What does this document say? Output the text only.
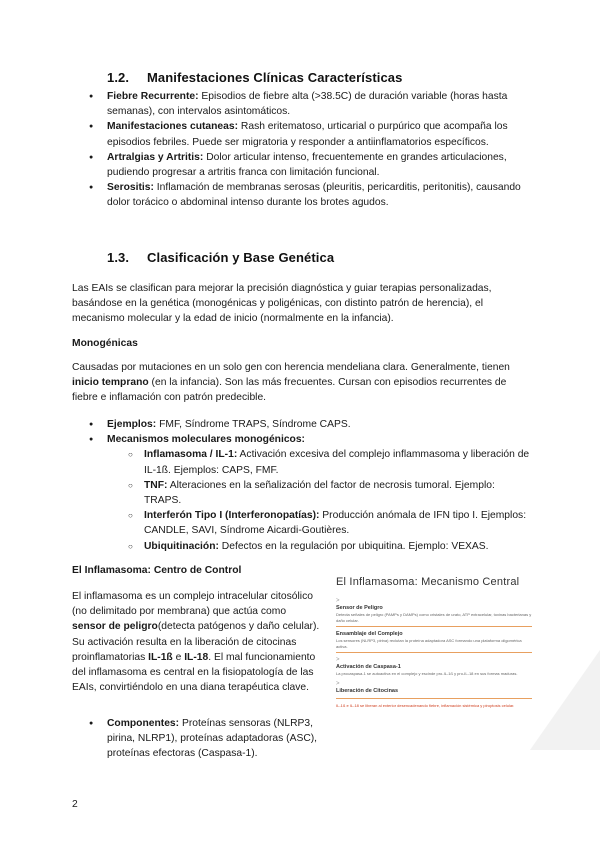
1.2. Manifestaciones Clínicas Características
● Fiebre Recurrente: Episodios de fiebre alta (>38.5C) de duración variable (horas hasta semanas), con intervalos asintomáticos.
● Manifestaciones cutaneas: Rash eritematoso, urticarial o purpúrico que acompaña los episodios febriles. Puede ser migratoria y responder a antiinflamatorios específicos.
● Artralgias y Artritis: Dolor articular intenso, frecuentemente en grandes articulaciones, pudiendo progresar a artritis franca con limitación funcional.
● Serositis: Inflamación de membranas serosas (pleuritis, pericarditis, peritonitis), causando dolor torácico o abdominal intenso durante los brotes agudos.
1.3. Clasificación y Base Genética

Las EAIs se clasifican para mejorar la precisión diagnóstica y guiar terapias personalizadas, basándose en la genética (monogénicas y poligénicas, con distinto patrón de herencia), el mecanismo molecular y la edad de inicio (normalmente en la infancia).

Monogénicas

Causadas por mutaciones en un solo gen con herencia mendeliana clara. Generalmente, tienen inicio temprano (en la infancia). Son las más frecuentes. Cursan con episodios recurrentes de fiebre e inflamación con patrón predecible.

● Ejemplos: FMF, Síndrome TRAPS, Síndrome CAPS.
● Mecanismos moleculares monogénicos:
○ Inflamasoma / IL-1: Activación excesiva del complejo inflammasoma y liberación de IL-1ß. Ejemplos: CAPS, FMF.
○ TNF: Alteraciones en la señalización del factor de necrosis tumoral. Ejemplo: TRAPS.
○ Interferón Tipo I (Interferonopatías): Producción anómala de IFN tipo I. Ejemplos: CANDLE, SAVI, Síndrome Aicardi-Goutières.
○ Ubiquitinación: Defectos en la regulación por ubiquitina. Ejemplo: VEXAS.

El Inflamasoma: Centro de Control

El inflamasoma es un complejo intracelular citosólico (no delimitado por membrana) que actúa como sensor de peligro(detecta patógenos y daño celular). Su activación resulta en la liberación de citocinas proinflamatorias IL-1ß e IL-18. El mal funcionamiento del inflamasoma es central en la fisiopatología de las EAIs, convirtiéndolo en una diana terapéutica clave.

● Componentes: Proteínas sensoras (NLRP3, pirina, NLRP1), proteínas adaptadoras (ASC), proteínas efectoras (Caspasa-1).
El Inflamasoma: Mecanismo Central
>
Sensor de Peligro
Detecta señales de peligro (PAMPs y DAMPs) como cristales de urato, ATP extracelular, toxinas bacterianas y daño celular.
Ensamblaje del Complejo
Los sensores (NLRP3, pirina) reclutan la proteína adaptadora ASC formando una plataforma oligomérica activa.
>
Activación de Caspasa-1
La procaspasa-1 se autoactiva en el complejo y escinde pro-IL-1ß y pro-IL-18 en sus formas maduras.
>
Liberación de Citocinas
IL-1ß e IL-18 se liberan al exterior desencadenando fiebre, inflamación sistémica y piroptosis celular.
2
